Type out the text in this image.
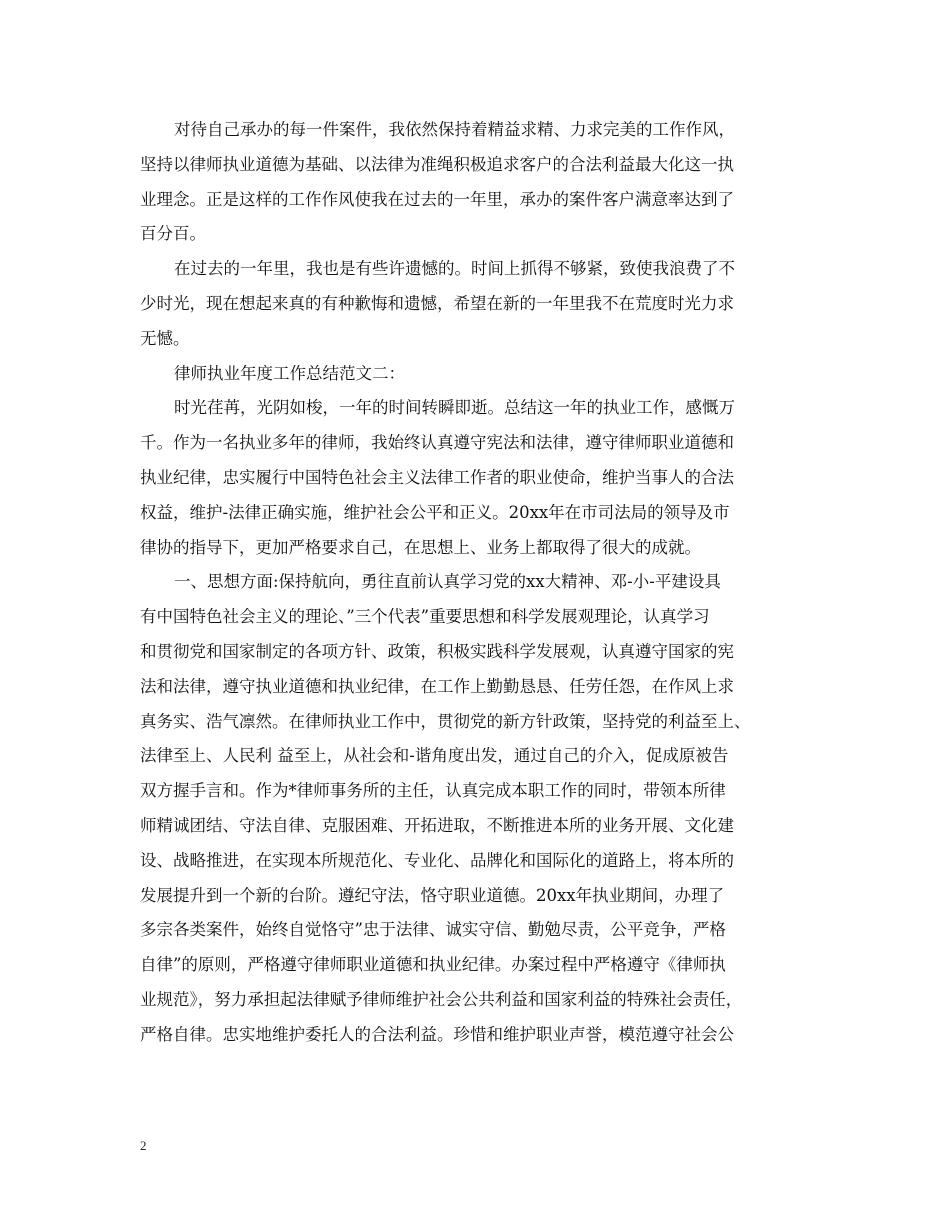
对待自己承办的每一件案件，我依然保持着精益求精、力求完美的工作作风，
坚持以律师执业道德为基础、以法律为准绳积极追求客户的合法利益最大化这一执
业理念。正是这样的工作作风使我在过去的一年里，承办的案件客户满意率达到了
百分百。
在过去的一年里，我也是有些许遗憾的。时间上抓得不够紧，致使我浪费了不
少时光，现在想起来真的有种歉悔和遗憾，希望在新的一年里我不在荒度时光力求
无憾。
律师执业年度工作总结范文二：
时光荏苒，光阴如梭，一年的时间转瞬即逝。总结这一年的执业工作，感慨万
千。作为一名执业多年的律师，我始终认真遵守宪法和法律，遵守律师职业道德和
执业纪律，忠实履行中国特色社会主义法律工作者的职业使命，维护当事人的合法
权益，维护-法律正确实施，维护社会公平和正义。20xx年在市司法局的领导及市
律协的指导下，更加严格要求自己，在思想上、业务上都取得了很大的成就。
一、思想方面:保持航向，勇往直前认真学习党的xx大精神、邓-小-平建设具
有中国特色社会主义的理论、”三个代表”重要思想和科学发展观理论，认真学习
和贯彻党和国家制定的各项方针、政策，积极实践科学发展观，认真遵守国家的宪
法和法律，遵守执业道德和执业纪律，在工作上勤勤恳恳、任劳任怨，在作风上求
真务实、浩气凛然。在律师执业工作中，贯彻党的新方针政策，坚持党的利益至上、
法律至上、人民利 益至上，从社会和-谐角度出发，通过自己的介入，促成原被告
双方握手言和。作为*律师事务所的主任，认真完成本职工作的同时，带领本所律
师精诚团结、守法自律、克服困难、开拓进取，不断推进本所的业务开展、文化建
设、战略推进，在实现本所规范化、专业化、品牌化和国际化的道路上，将本所的
发展提升到一个新的台阶。遵纪守法，恪守职业道德。20xx年执业期间，办理了
多宗各类案件，始终自觉恪守”忠于法律、诚实守信、勤勉尽责，公平竞争，严格
自律”的原则，严格遵守律师职业道德和执业纪律。办案过程中严格遵守《律师执
业规范》，努力承担起法律赋予律师维护社会公共利益和国家利益的特殊社会责任，
严格自律。忠实地维护委托人的合法利益。珍惜和维护职业声誉，模范遵守社会公
2
